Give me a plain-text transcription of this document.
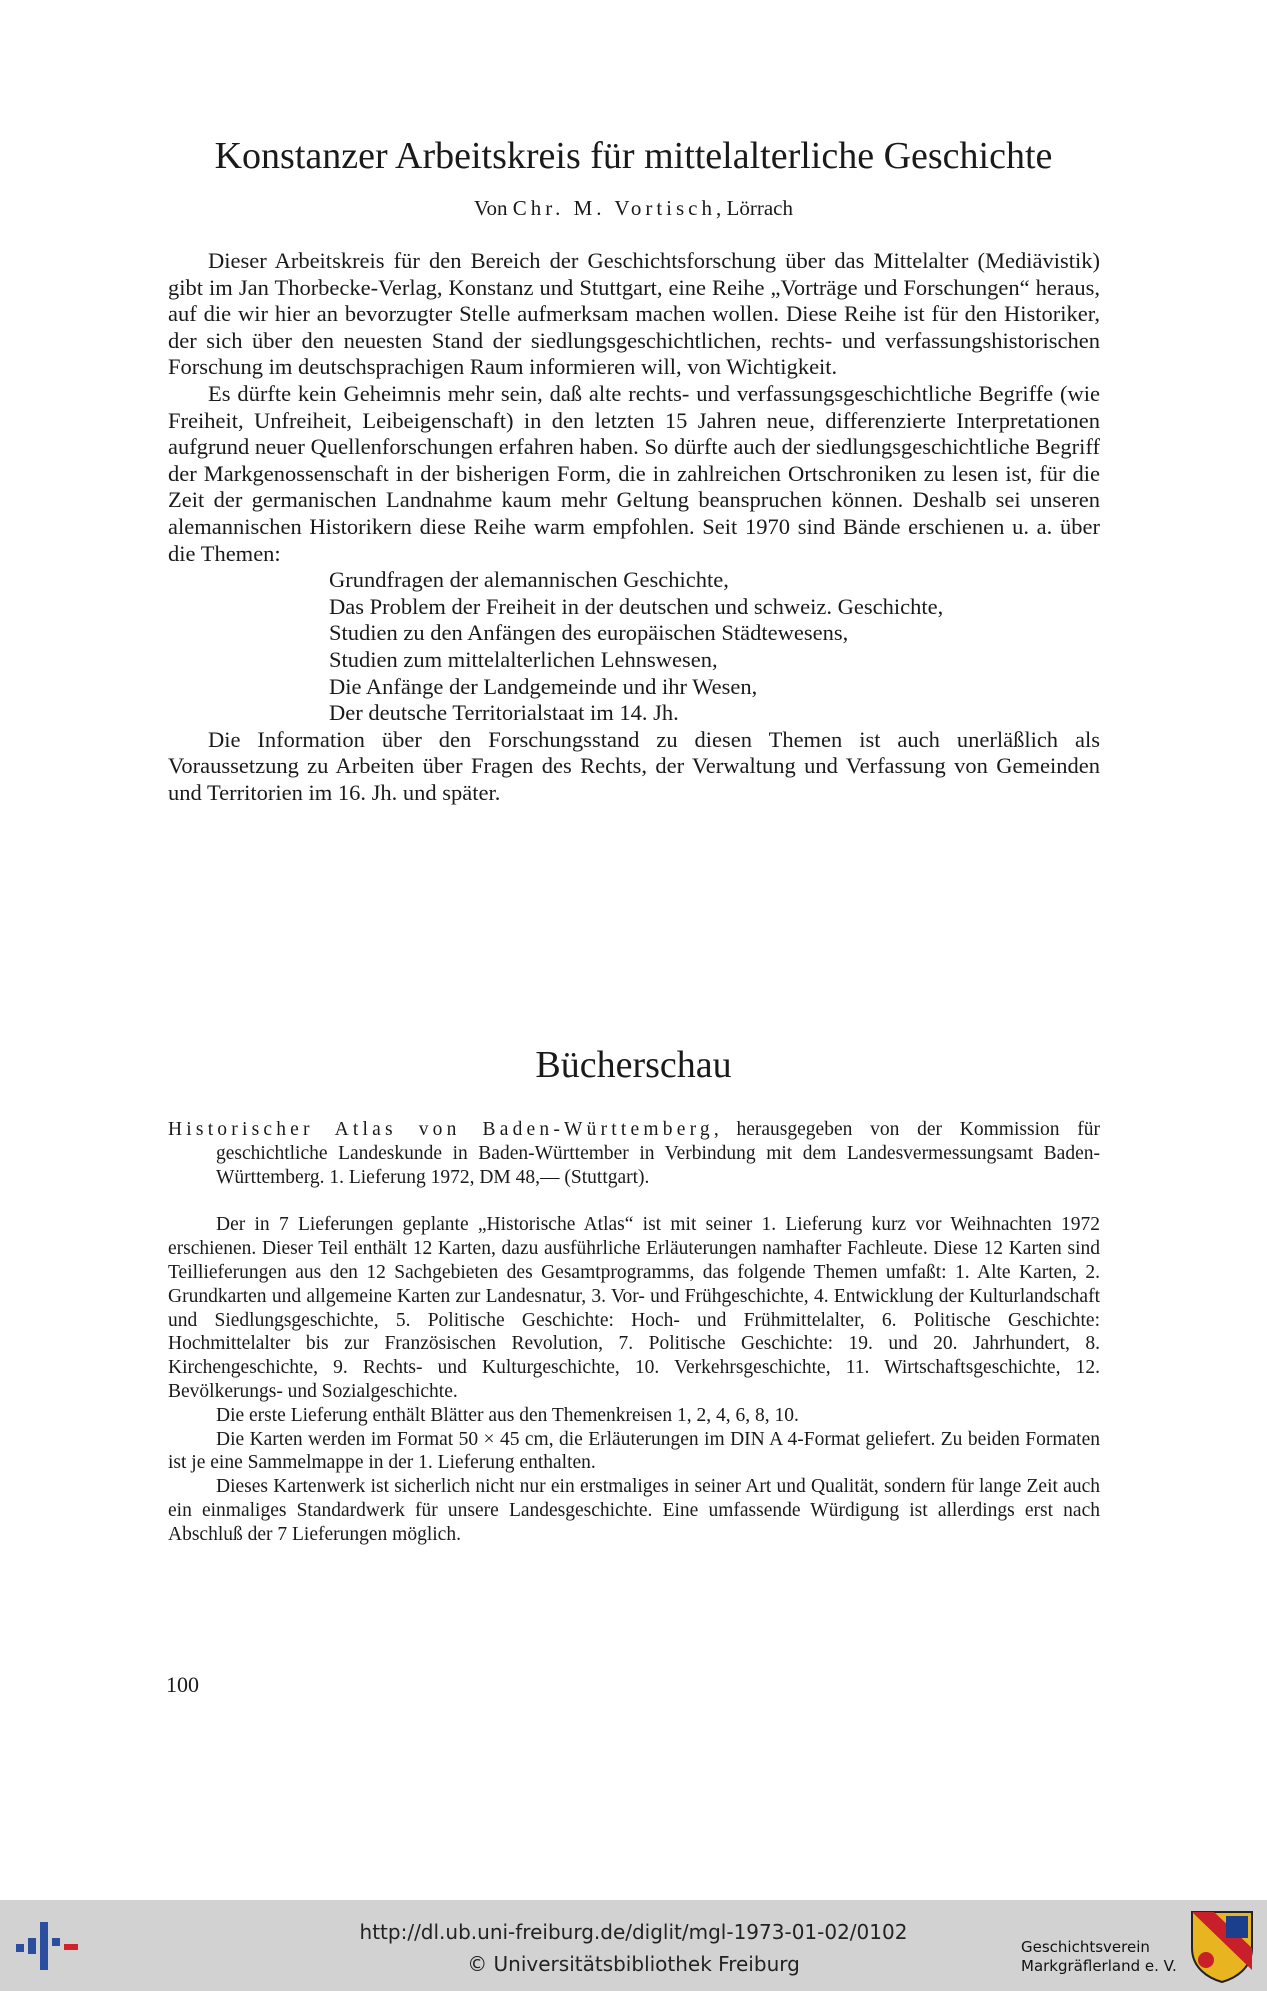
Konstanzer Arbeitskreis für mittelalterliche Geschichte
Von Chr. M. Vortisch, Lörrach

Dieser Arbeitskreis für den Bereich der Geschichtsforschung über das Mittelalter (Mediävistik) gibt im Jan Thorbecke-Verlag, Konstanz und Stuttgart, eine Reihe „Vorträge und Forschungen“ heraus, auf die wir hier an bevorzugter Stelle aufmerksam machen wollen. Diese Reihe ist für den Historiker, der sich über den neuesten Stand der siedlungsgeschichtlichen, rechts- und verfassungshistorischen Forschung im deutschsprachigen Raum informieren will, von Wichtigkeit.

Es dürfte kein Geheimnis mehr sein, daß alte rechts- und verfassungsgeschichtliche Begriffe (wie Freiheit, Unfreiheit, Leibeigenschaft) in den letzten 15 Jahren neue, differenzierte Interpretationen aufgrund neuer Quellenforschungen erfahren haben. So dürfte auch der siedlungsgeschichtliche Begriff der Markgenossenschaft in der bisherigen Form, die in zahlreichen Ortschroniken zu lesen ist, für die Zeit der germanischen Landnahme kaum mehr Geltung beanspruchen können. Deshalb sei unseren alemannischen Historikern diese Reihe warm empfohlen. Seit 1970 sind Bände erschienen u. a. über die Themen:

Grundfragen der alemannischen Geschichte,
Das Problem der Freiheit in der deutschen und schweiz. Geschichte,
Studien zu den Anfängen des europäischen Städtewesens,
Studien zum mittelalterlichen Lehnswesen,
Die Anfänge der Landgemeinde und ihr Wesen,
Der deutsche Territorialstaat im 14. Jh.

Die Information über den Forschungsstand zu diesen Themen ist auch unerläßlich als Voraussetzung zu Arbeiten über Fragen des Rechts, der Verwaltung und Verfassung von Gemeinden und Territorien im 16. Jh. und später.

Bücherschau

Historischer Atlas von Baden-Württemberg, herausgegeben von der Kommission für geschichtliche Landeskunde in Baden-Württember in Verbindung mit dem Landesvermessungsamt Baden-Württemberg. 1. Lieferung 1972, DM 48,— (Stuttgart).

Der in 7 Lieferungen geplante „Historische Atlas“ ist mit seiner 1. Lieferung kurz vor Weihnachten 1972 erschienen. Dieser Teil enthält 12 Karten, dazu ausführliche Erläuterungen namhafter Fachleute. Diese 12 Karten sind Teillieferungen aus den 12 Sachgebieten des Gesamtprogramms, das folgende Themen umfaßt: 1. Alte Karten, 2. Grundkarten und allgemeine Karten zur Landesnatur, 3. Vor- und Frühgeschichte, 4. Entwicklung der Kulturlandschaft und Siedlungsgeschichte, 5. Politische Geschichte: Hoch- und Frühmittelalter, 6. Politische Geschichte: Hochmittelalter bis zur Französischen Revolution, 7. Politische Geschichte: 19. und 20. Jahrhundert, 8. Kirchengeschichte, 9. Rechts- und Kulturgeschichte, 10. Verkehrsgeschichte, 11. Wirtschaftsgeschichte, 12. Bevölkerungs- und Sozialgeschichte.

Die erste Lieferung enthält Blätter aus den Themenkreisen 1, 2, 4, 6, 8, 10.

Die Karten werden im Format 50 × 45 cm, die Erläuterungen im DIN A 4-Format geliefert. Zu beiden Formaten ist je eine Sammelmappe in der 1. Lieferung enthalten.

Dieses Kartenwerk ist sicherlich nicht nur ein erstmaliges in seiner Art und Qualität, sondern für lange Zeit auch ein einmaliges Standardwerk für unsere Landesgeschichte. Eine umfassende Würdigung ist allerdings erst nach Abschluß der 7 Lieferungen möglich.

100
http://dl.ub.uni-freiburg.de/diglit/mgl-1973-01-02/0102
© Universitätsbibliothek Freiburg
Geschichtsverein
Markgräflerland e. V.
